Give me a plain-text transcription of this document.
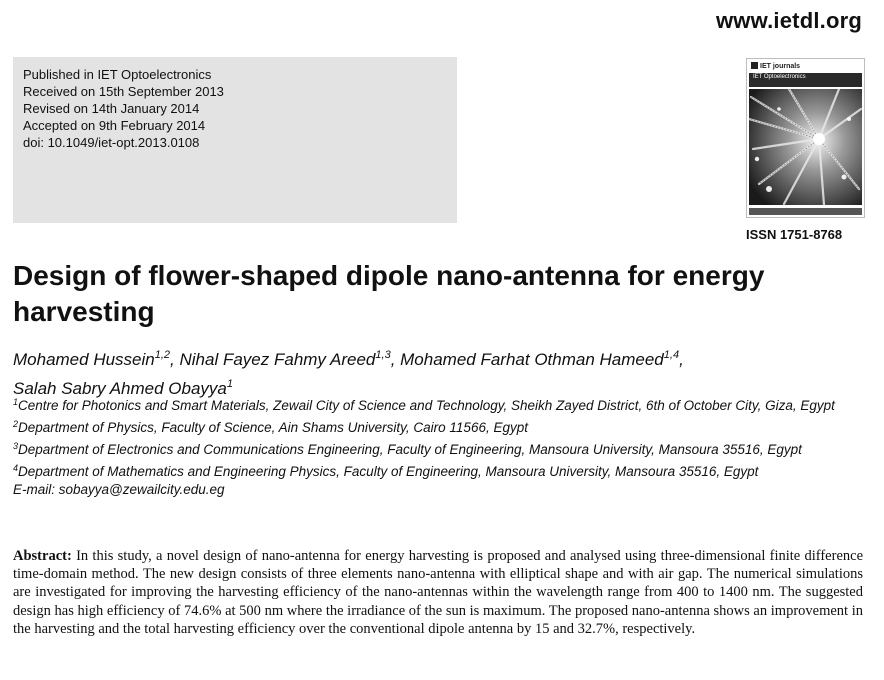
www.ietdl.org
Published in IET Optoelectronics
Received on 15th September 2013
Revised on 14th January 2014
Accepted on 9th February 2014
doi: 10.1049/iet-opt.2013.0108
IET journals
IET Optoelectronics
ISSN 1751-8768
Design of flower-shaped dipole nano-antenna for energy harvesting
Mohamed Hussein$^{1,2}$, Nihal Fayez Fahmy Areed$^{1,3}$, Mohamed Farhat Othman Hameed$^{1,4}$,
Salah Sabry Ahmed Obayya$^1$
$^1$Centre for Photonics and Smart Materials, Zewail City of Science and Technology, Sheikh Zayed District, 6th of October City, Giza, Egypt
$^2$Department of Physics, Faculty of Science, Ain Shams University, Cairo 11566, Egypt
$^3$Department of Electronics and Communications Engineering, Faculty of Engineering, Mansoura University, Mansoura 35516, Egypt
$^4$Department of Mathematics and Engineering Physics, Faculty of Engineering, Mansoura University, Mansoura 35516, Egypt
E-mail: sobayya@zewailcity.edu.eg
Abstract: In this study, a novel design of nano-antenna for energy harvesting is proposed and analysed using three-dimensional finite difference time-domain method. The new design consists of three elements nano-antenna with elliptical shape and with air gap. The numerical simulations are investigated for improving the harvesting efficiency of the nano-antennas within the wavelength range from 400 to 1400 nm. The suggested design has high efficiency of 74.6% at 500 nm where the irradiance of the sun is maximum. The proposed nano-antenna shows an improvement in the harvesting and the total harvesting efficiency over the conventional dipole antenna by 15 and 32.7%, respectively.
